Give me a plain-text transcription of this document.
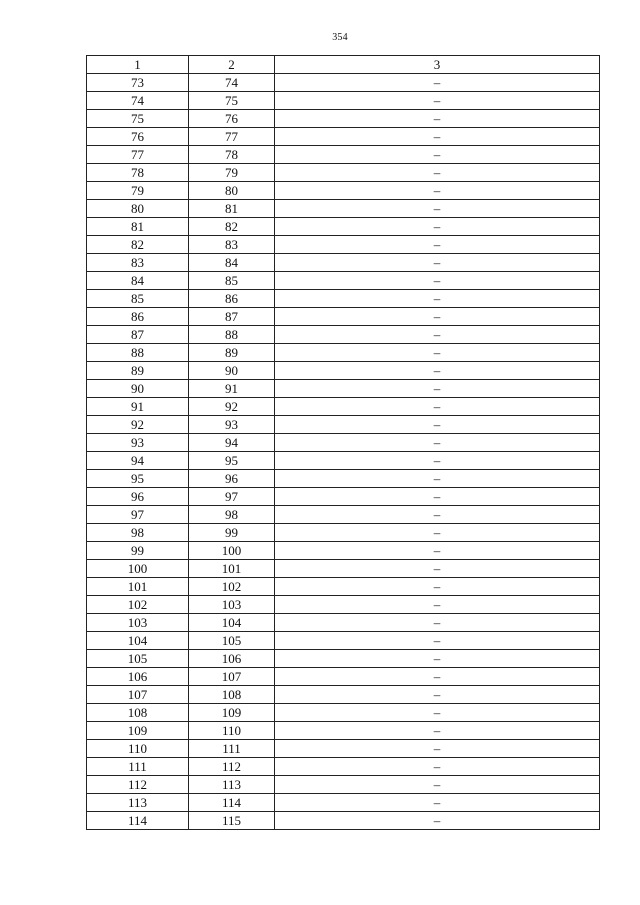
354
1	2	3
73	74	–
74	75	–
75	76	–
76	77	–
77	78	–
78	79	–
79	80	–
80	81	–
81	82	–
82	83	–
83	84	–
84	85	–
85	86	–
86	87	–
87	88	–
88	89	–
89	90	–
90	91	–
91	92	–
92	93	–
93	94	–
94	95	–
95	96	–
96	97	–
97	98	–
98	99	–
99	100	–
100	101	–
101	102	–
102	103	–
103	104	–
104	105	–
105	106	–
106	107	–
107	108	–
108	109	–
109	110	–
110	111	–
111	112	–
112	113	–
113	114	–
114	115	–
